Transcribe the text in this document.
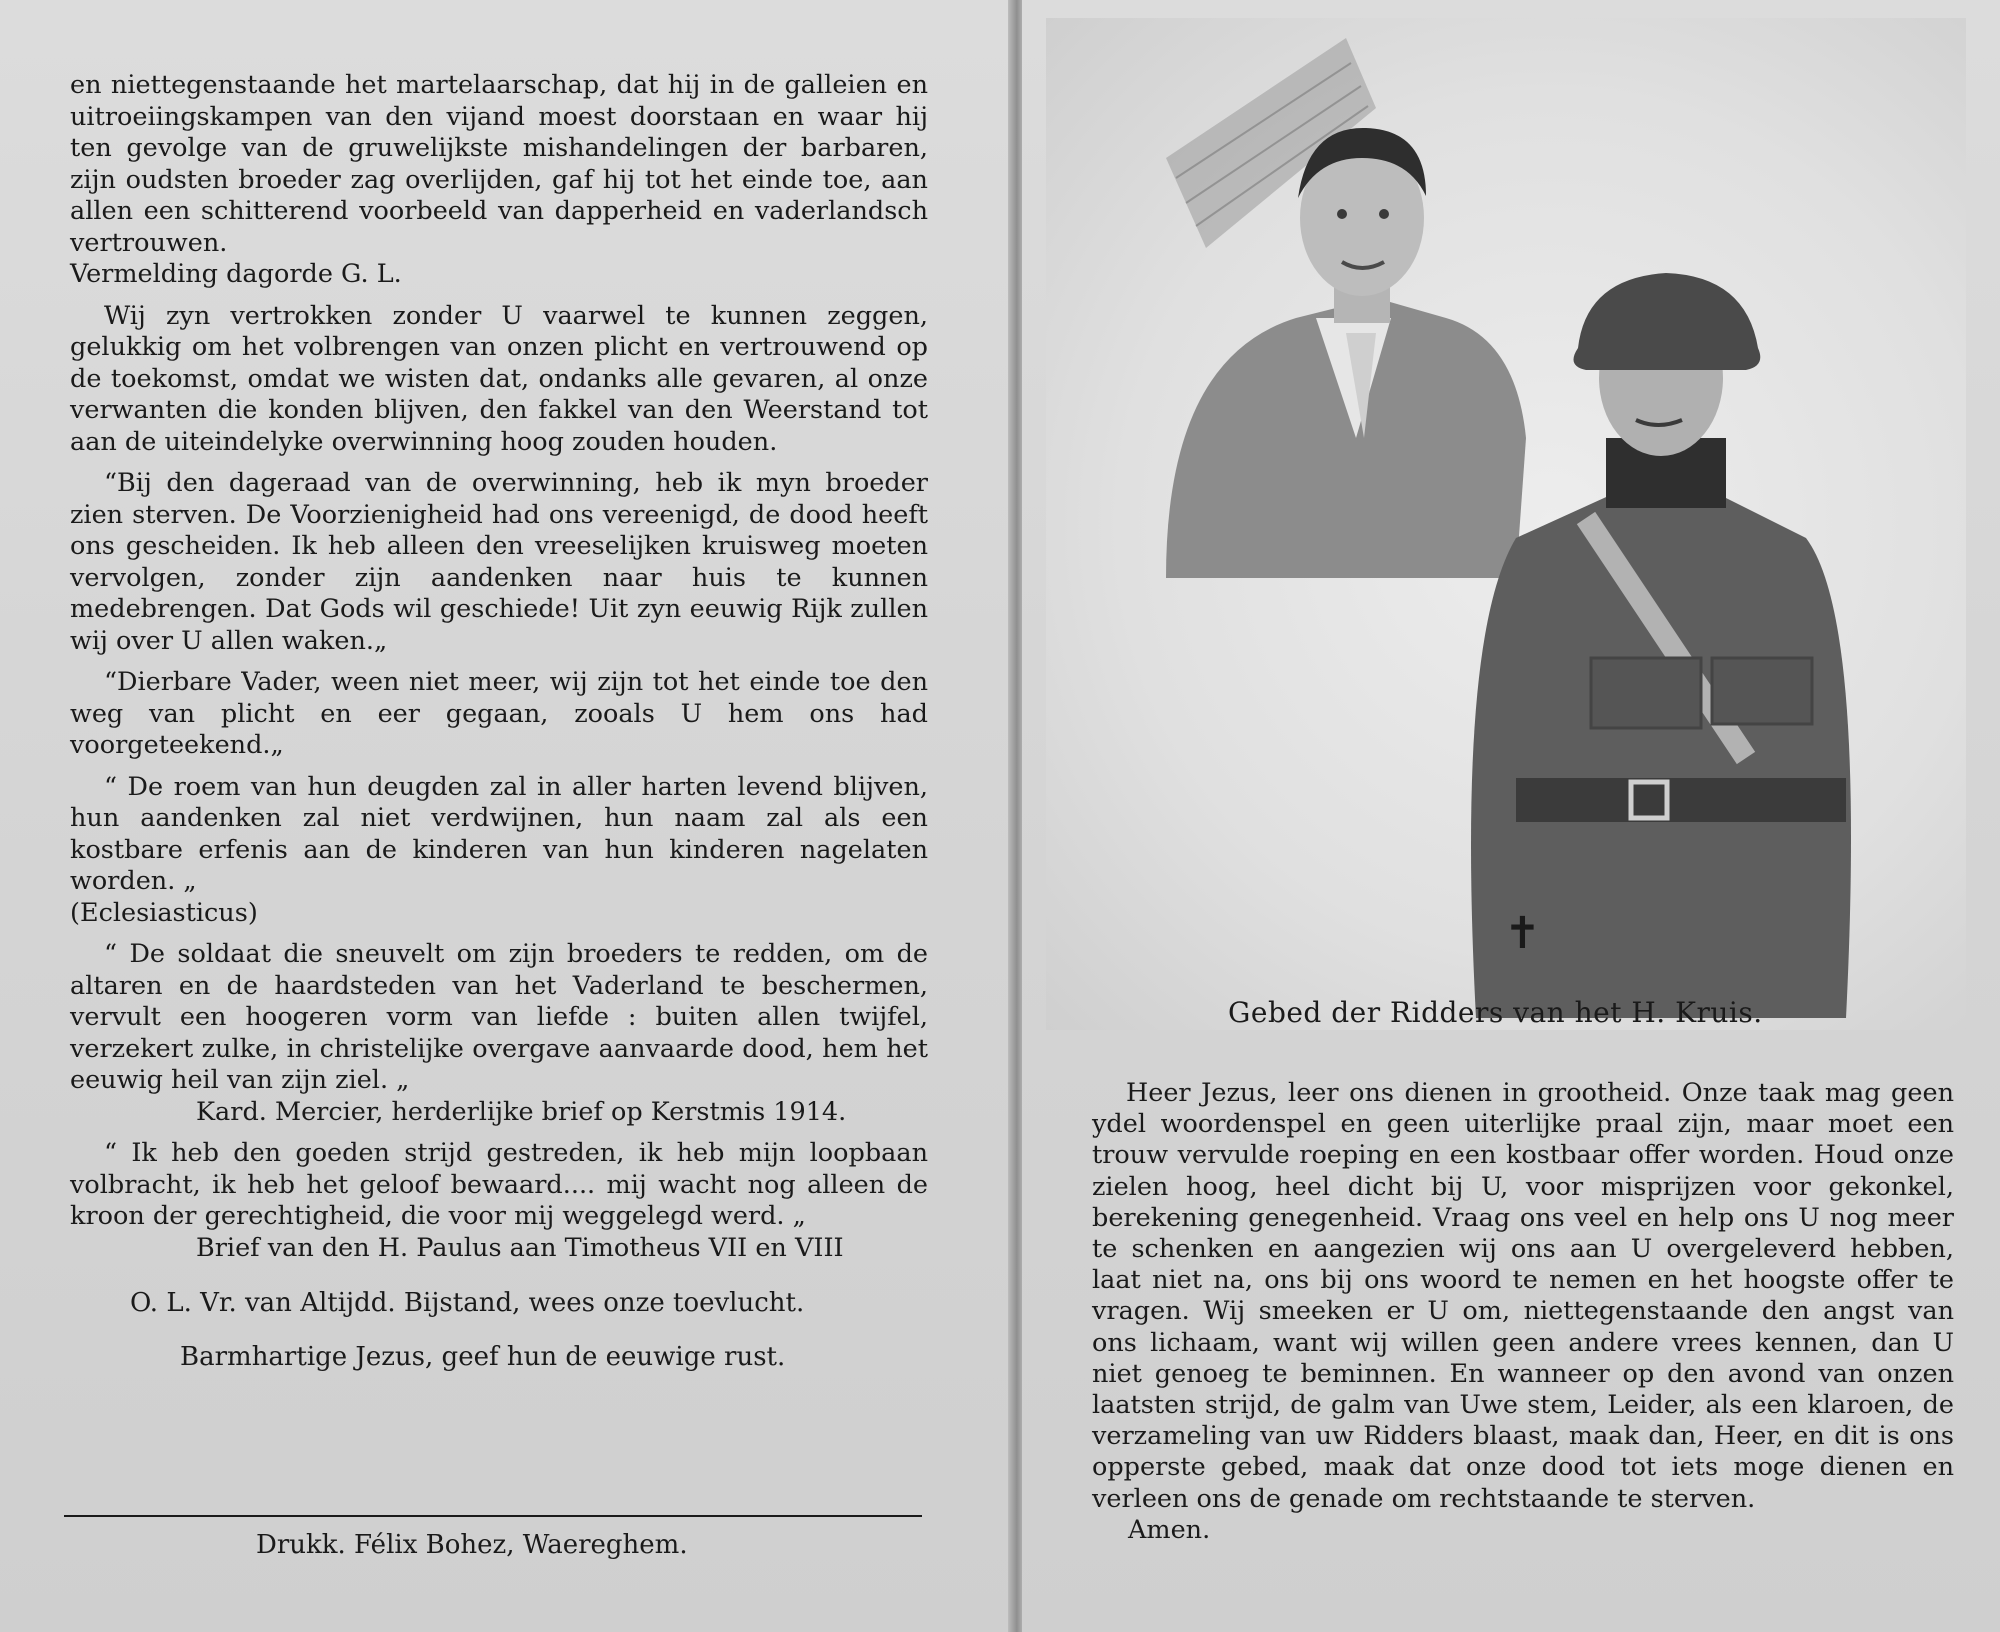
en niettegenstaande het martelaarschap, dat hij in de galleien en uitroeiingskampen van den vijand moest doorstaan en waar hij ten gevolge van de gruwelijkste mishandelingen der barbaren, zijn oudsten broeder zag overlijden, gaf hij tot het einde toe, aan allen een schitterend voorbeeld van dapperheid en vaderlandsch vertrouwen.

Vermelding dagorde G. L.

Wij zyn vertrokken zonder U vaarwel te kunnen zeggen, gelukkig om het volbrengen van onzen plicht en vertrouwend op de toekomst, omdat we wisten dat, ondanks alle gevaren, al onze verwanten die konden blijven, den fakkel van den Weerstand tot aan de uiteindelyke overwinning hoog zouden houden.

“Bij den dageraad van de overwinning, heb ik myn broeder zien sterven. De Voorzienigheid had ons vereenigd, de dood heeft ons gescheiden. Ik heb alleen den vreeselijken kruisweg moeten vervolgen, zonder zijn aandenken naar huis te kunnen medebrengen. Dat Gods wil geschiede! Uit zyn eeuwig Rijk zullen wij over U allen waken.„

“Dierbare Vader, ween niet meer, wij zijn tot het einde toe den weg van plicht en eer gegaan, zooals U hem ons had voorgeteekend.„

“ De roem van hun deugden zal in aller harten levend blijven, hun aandenken zal niet verdwijnen, hun naam zal als een kostbare erfenis aan de kinderen van hun kinderen nagelaten worden. „

(Eclesiasticus)

“ De soldaat die sneuvelt om zijn broeders te redden, om de altaren en de haardsteden van het Vaderland te beschermen, vervult een hoogeren vorm van liefde : buiten allen twijfel, verzekert zulke, in christelijke overgave aanvaarde dood, hem het eeuwig heil van zijn ziel. „

Kard. Mercier, herderlijke brief op Kerstmis 1914.

“ Ik heb den goeden strijd gestreden, ik heb mijn loopbaan volbracht, ik heb het geloof bewaard.... mij wacht nog alleen de kroon der gerechtigheid, die voor mij weggelegd werd. „

Brief van den H. Paulus aan Timotheus VII en VIII

O. L. Vr. van Altijdd. Bijstand, wees onze toevlucht.
Barmhartige Jezus, geef hun de eeuwige rust.
Drukk. Félix Bohez, Waereghem.
✝
Gebed der Ridders van het H. Kruis.

Heer Jezus, leer ons dienen in grootheid. Onze taak mag geen ydel woordenspel en geen uiterlijke praal zijn, maar moet een trouw vervulde roeping en een kostbaar offer worden. Houd onze zielen hoog, heel dicht bij U, voor misprijzen voor gekonkel, berekening genegenheid. Vraag ons veel en help ons U nog meer te schenken en aangezien wij ons aan U overgeleverd hebben, laat niet na, ons bij ons woord te nemen en het hoogste offer te vragen. Wij smeeken er U om, niettegenstaande den angst van ons lichaam, want wij willen geen andere vrees kennen, dan U niet genoeg te beminnen. En wanneer op den avond van onzen laatsten strijd, de galm van Uwe stem, Leider, als een klaroen, de verzameling van uw Ridders blaast, maak dan, Heer, en dit is ons opperste gebed, maak dat onze dood tot iets moge dienen en verleen ons de genade om rechtstaande te sterven.

Amen.
